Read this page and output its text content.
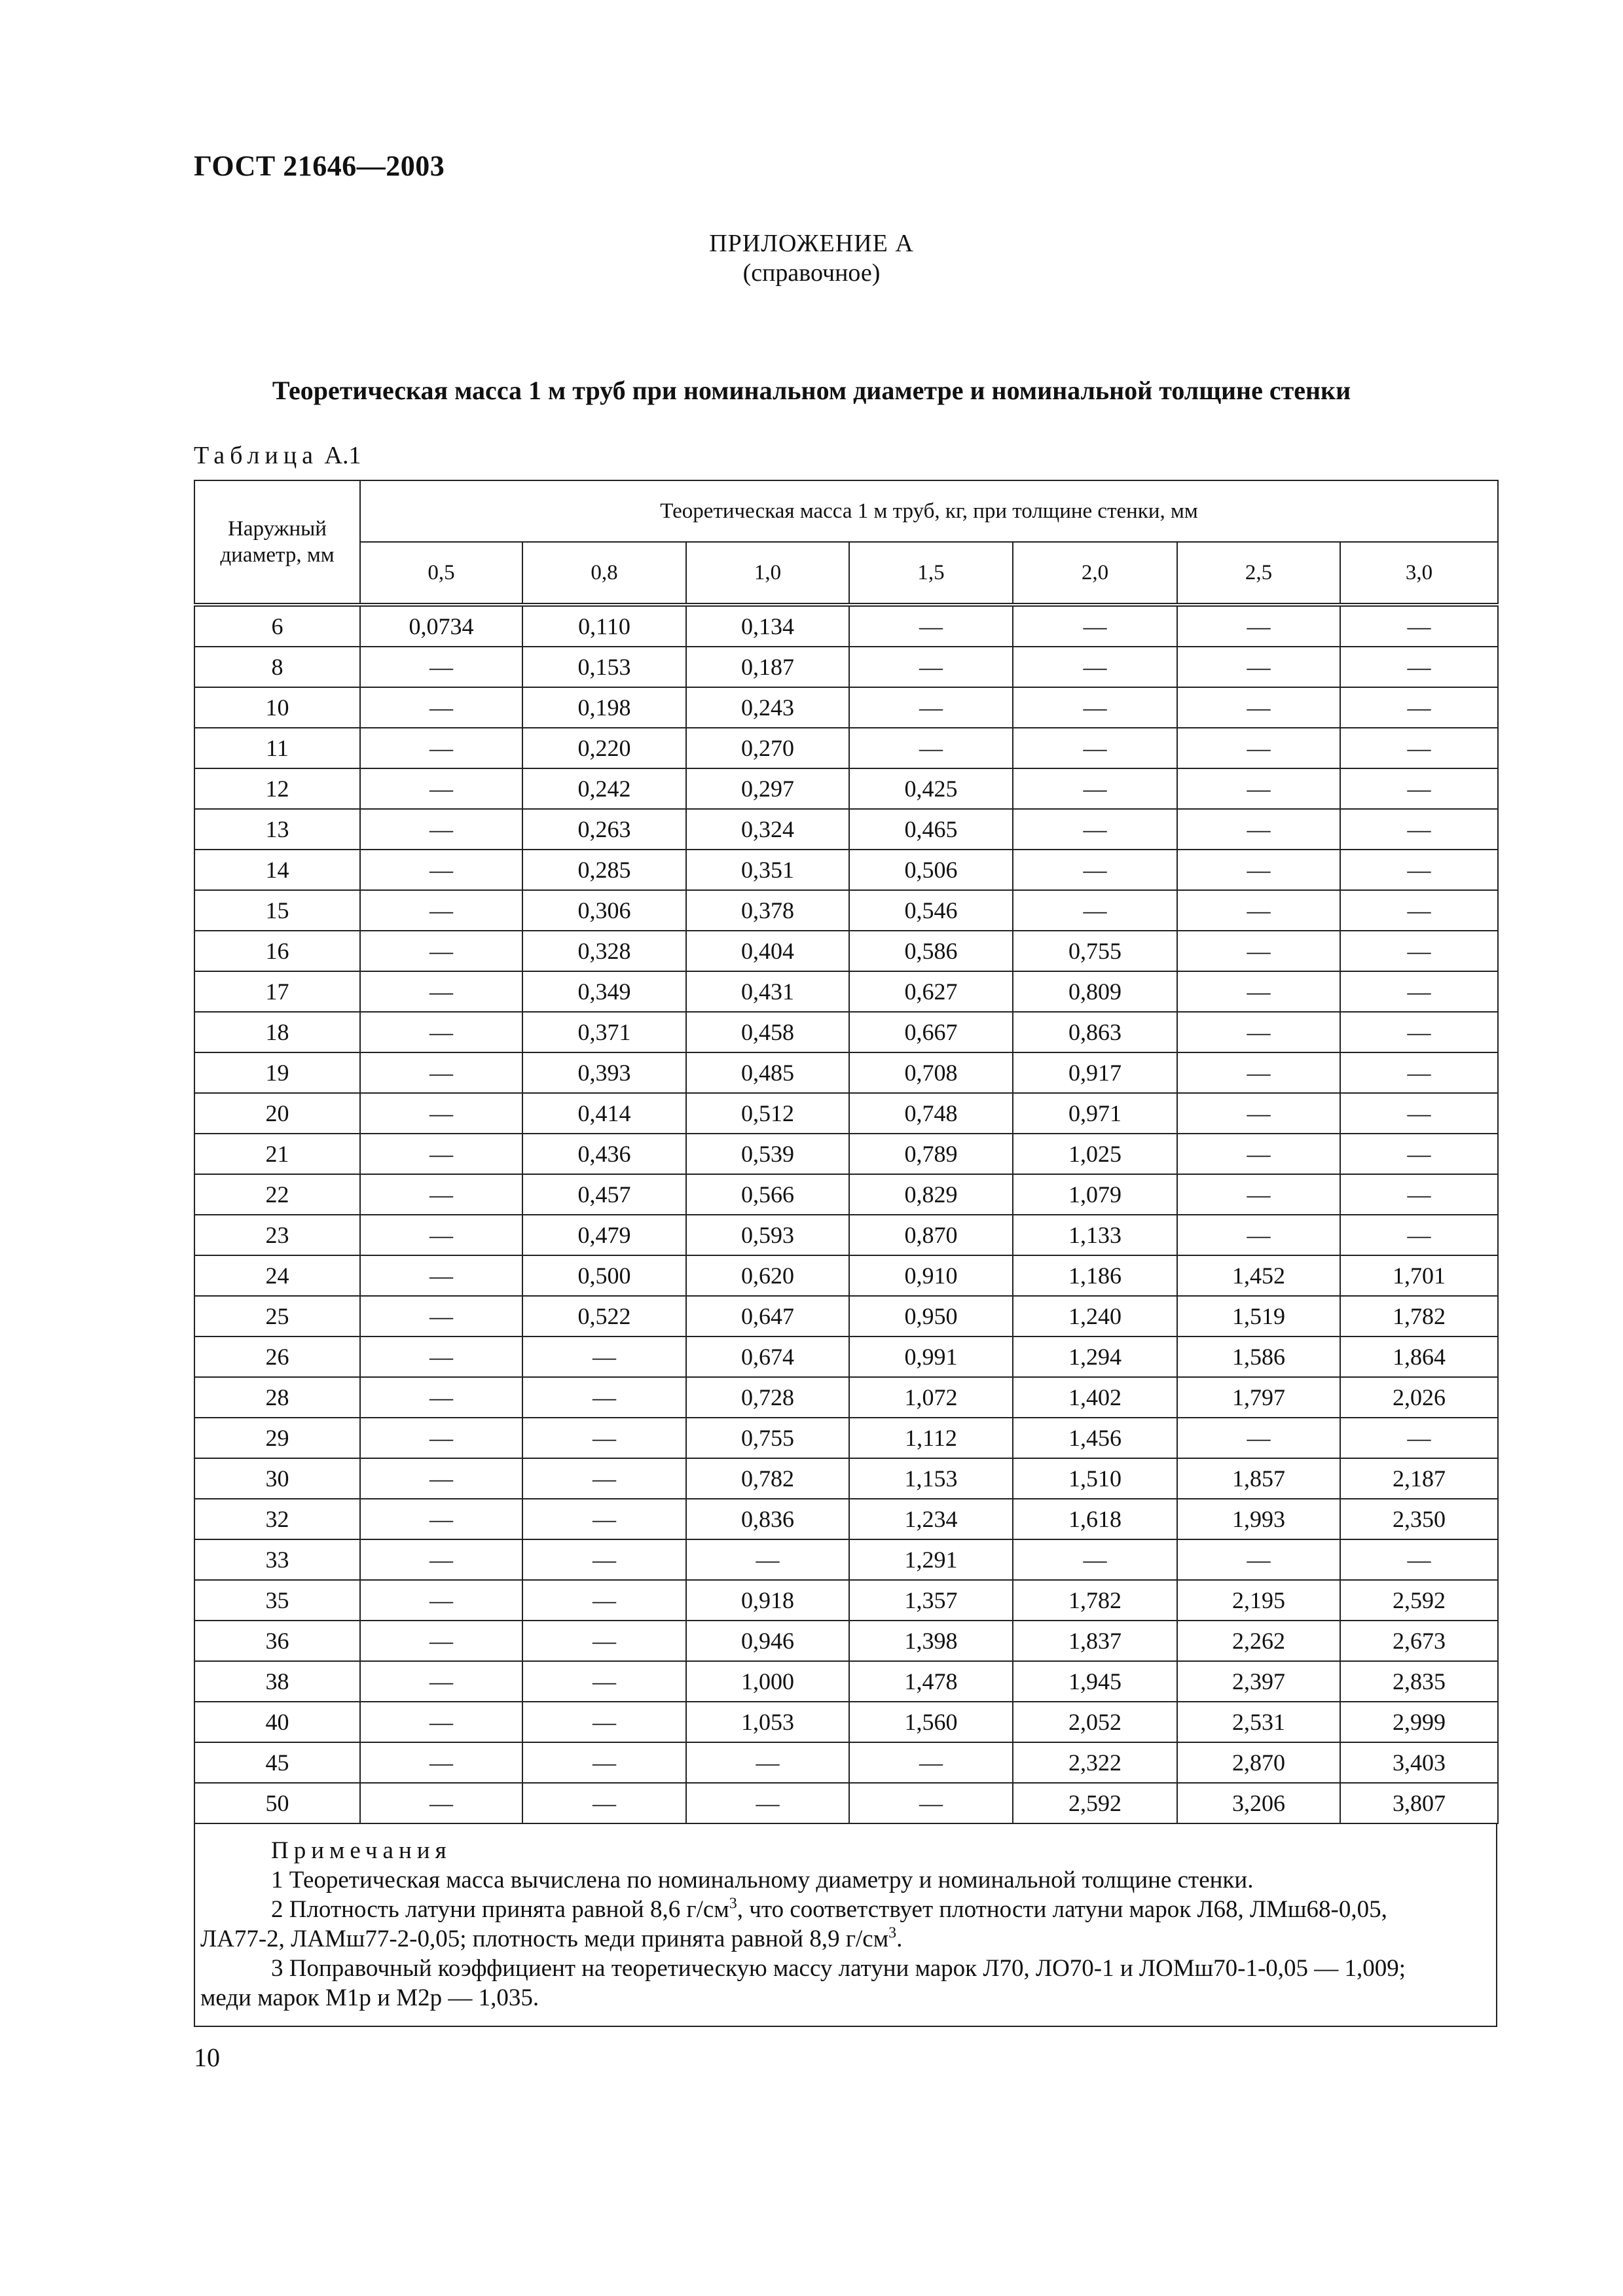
ГОСТ 21646—2003
ПРИЛОЖЕНИЕ А
(справочное)
Теоретическая масса 1 м труб при номинальном диаметре и номинальной толщине стенки
Таблица А.1
Наружный диаметр, мм	Теоретическая масса 1 м труб, кг, при толщине стенки, мм						
	0,5	0,8	1,0	1,5	2,0	2,5	3,0
6	0,0734	0,110	0,134	—	—	—	—
8	—	0,153	0,187	—	—	—	—
10	—	0,198	0,243	—	—	—	—
11	—	0,220	0,270	—	—	—	—
12	—	0,242	0,297	0,425	—	—	—
13	—	0,263	0,324	0,465	—	—	—
14	—	0,285	0,351	0,506	—	—	—
15	—	0,306	0,378	0,546	—	—	—
16	—	0,328	0,404	0,586	0,755	—	—
17	—	0,349	0,431	0,627	0,809	—	—
18	—	0,371	0,458	0,667	0,863	—	—
19	—	0,393	0,485	0,708	0,917	—	—
20	—	0,414	0,512	0,748	0,971	—	—
21	—	0,436	0,539	0,789	1,025	—	—
22	—	0,457	0,566	0,829	1,079	—	—
23	—	0,479	0,593	0,870	1,133	—	—
24	—	0,500	0,620	0,910	1,186	1,452	1,701
25	—	0,522	0,647	0,950	1,240	1,519	1,782
26	—	—	0,674	0,991	1,294	1,586	1,864
28	—	—	0,728	1,072	1,402	1,797	2,026
29	—	—	0,755	1,112	1,456	—	—
30	—	—	0,782	1,153	1,510	1,857	2,187
32	—	—	0,836	1,234	1,618	1,993	2,350
33	—	—	—	1,291	—	—	—
35	—	—	0,918	1,357	1,782	2,195	2,592
36	—	—	0,946	1,398	1,837	2,262	2,673
38	—	—	1,000	1,478	1,945	2,397	2,835
40	—	—	1,053	1,560	2,052	2,531	2,999
45	—	—	—	—	2,322	2,870	3,403
50	—	—	—	—	2,592	3,206	3,807
Примечания
1 Теоретическая масса вычислена по номинальному диаметру и номинальной толщине стенки.
2 Плотность латуни принята равной 8,6 $г/см^3$, что соответствует плотности латуни марок Л68, ЛМш68-0,05,
ЛА77-2, ЛАМш77-2-0,05; плотность меди принята равной 8,9 $г/см^3$.
3 Поправочный коэффициент на теоретическую массу латуни марок Л70, ЛО70-1 и ЛОМш70-1-0,05 — 1,009;
меди марок М1р и М2р — 1,035.
10
